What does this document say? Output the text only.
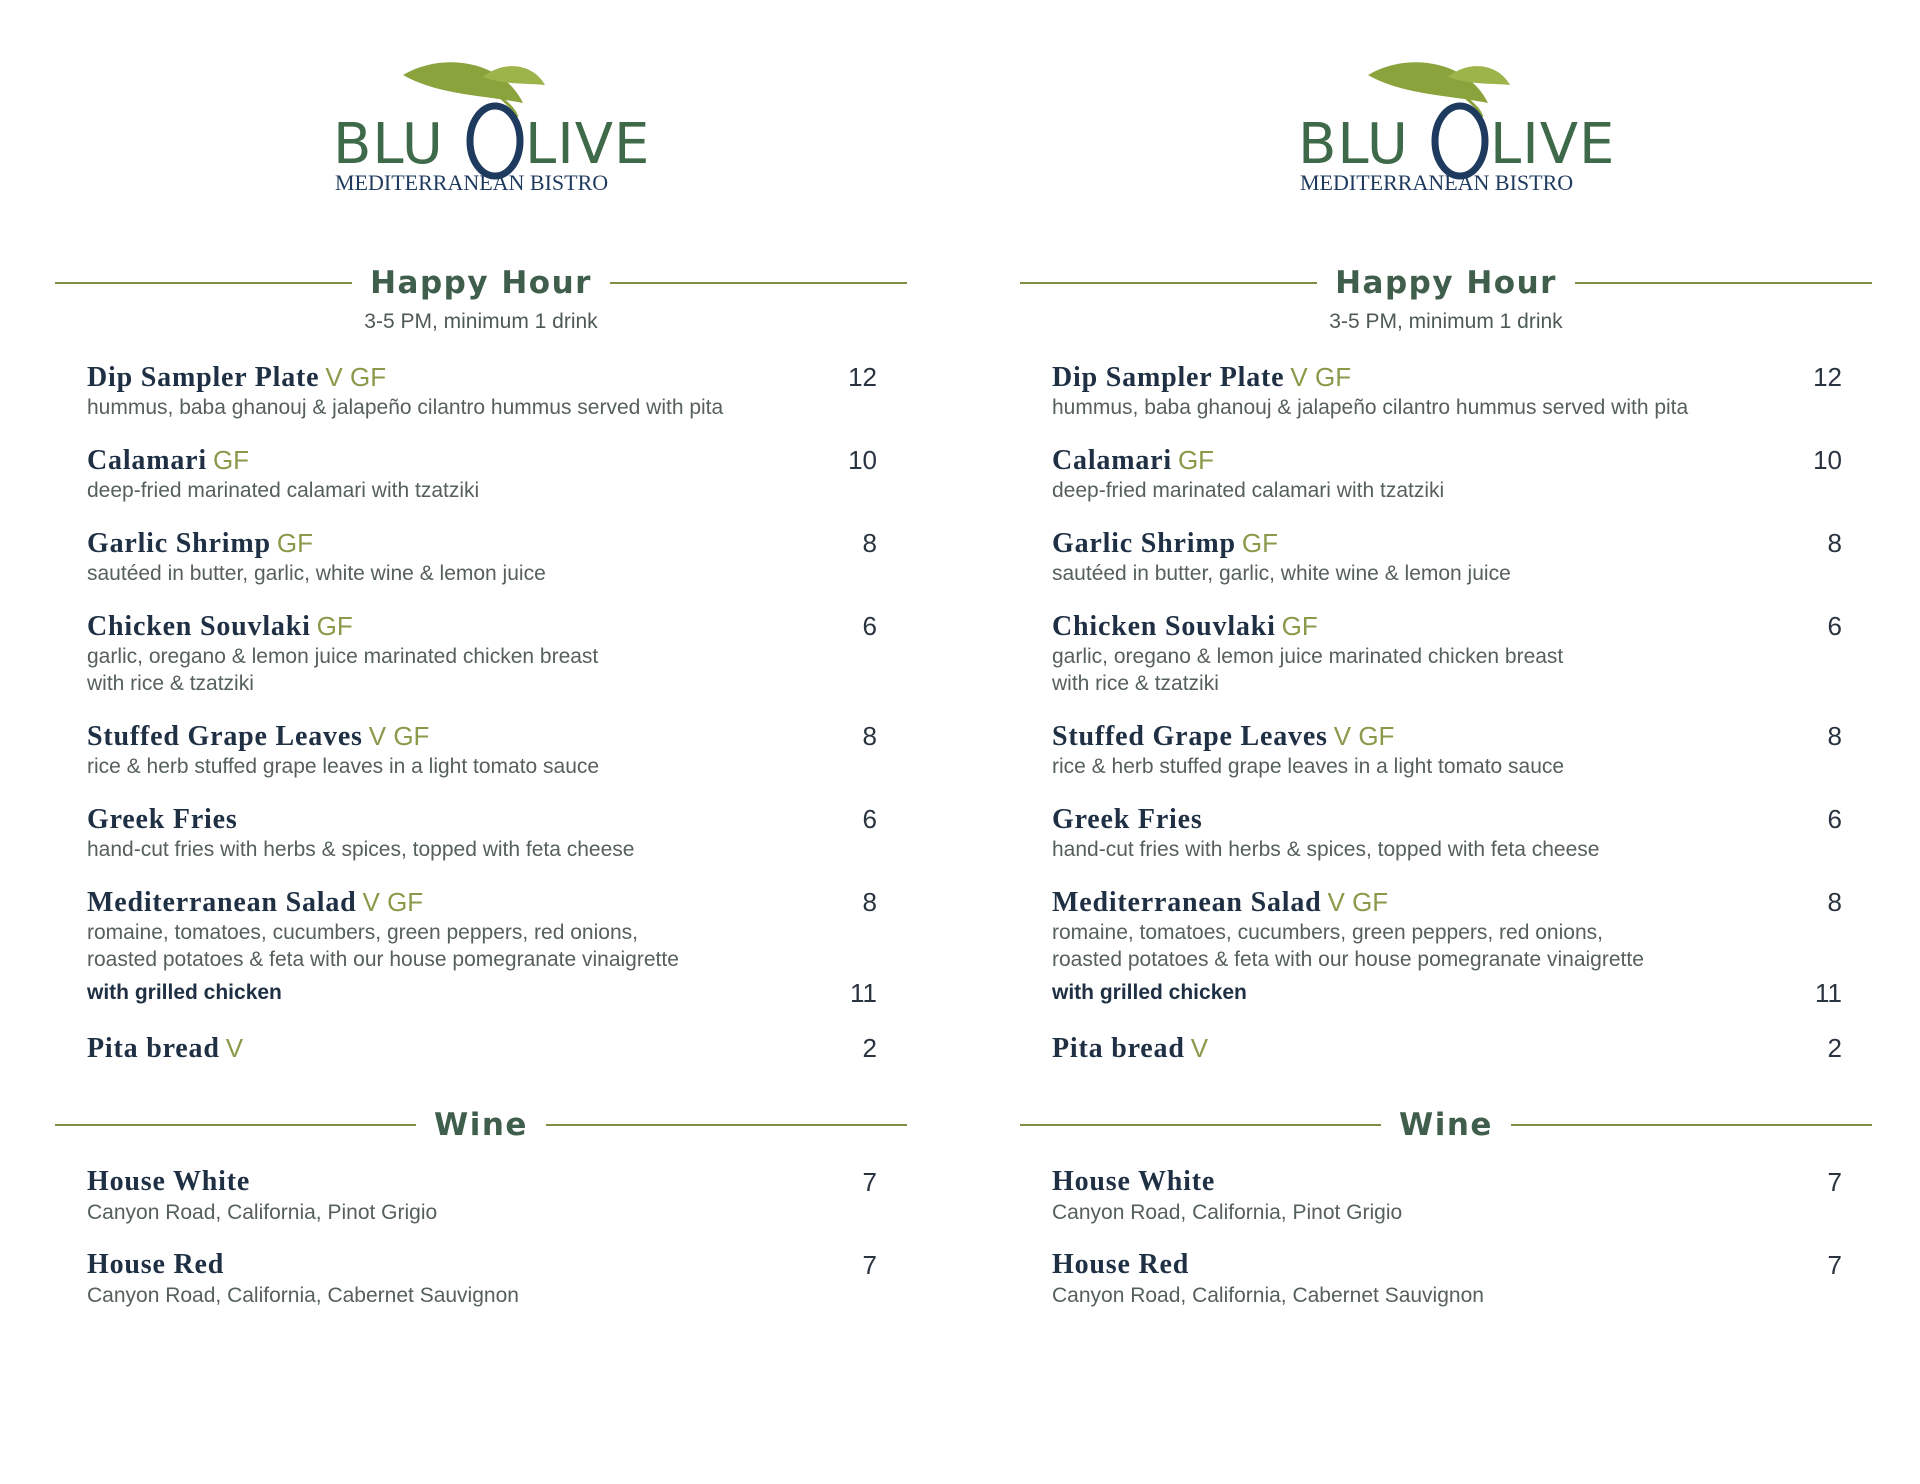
BLU LIVE
MEDITERRANEAN BISTRO
Happy Hour
3-5 PM, minimum 1 drink
Dip Sampler Plate V GF	12
hummus, baba ghanouj & jalapeño cilantro hummus served with pita
Calamari GF	10
deep-fried marinated calamari with tzatziki
Garlic Shrimp GF	8
sautéed in butter, garlic, white wine & lemon juice
Chicken Souvlaki GF	6
garlic, oregano & lemon juice marinated chicken breast
with rice & tzatziki
Stuffed Grape Leaves V GF	8
rice & herb stuffed grape leaves in a light tomato sauce
Greek Fries	6
hand-cut fries with herbs & spices, topped with feta cheese
Mediterranean Salad V GF	8
romaine, tomatoes, cucumbers, green peppers, red onions,
roasted potatoes & feta with our house pomegranate vinaigrette
with grilled chicken	11
Pita bread V	2
Wine
House White	7
Canyon Road, California, Pinot Grigio
House Red	7
Canyon Road, California, Cabernet Sauvignon
BLU LIVE
MEDITERRANEAN BISTRO
Happy Hour
3-5 PM, minimum 1 drink
Dip Sampler Plate V GF	12
hummus, baba ghanouj & jalapeño cilantro hummus served with pita
Calamari GF	10
deep-fried marinated calamari with tzatziki
Garlic Shrimp GF	8
sautéed in butter, garlic, white wine & lemon juice
Chicken Souvlaki GF	6
garlic, oregano & lemon juice marinated chicken breast
with rice & tzatziki
Stuffed Grape Leaves V GF	8
rice & herb stuffed grape leaves in a light tomato sauce
Greek Fries	6
hand-cut fries with herbs & spices, topped with feta cheese
Mediterranean Salad V GF	8
romaine, tomatoes, cucumbers, green peppers, red onions,
roasted potatoes & feta with our house pomegranate vinaigrette
with grilled chicken	11
Pita bread V	2
Wine
House White	7
Canyon Road, California, Pinot Grigio
House Red	7
Canyon Road, California, Cabernet Sauvignon
